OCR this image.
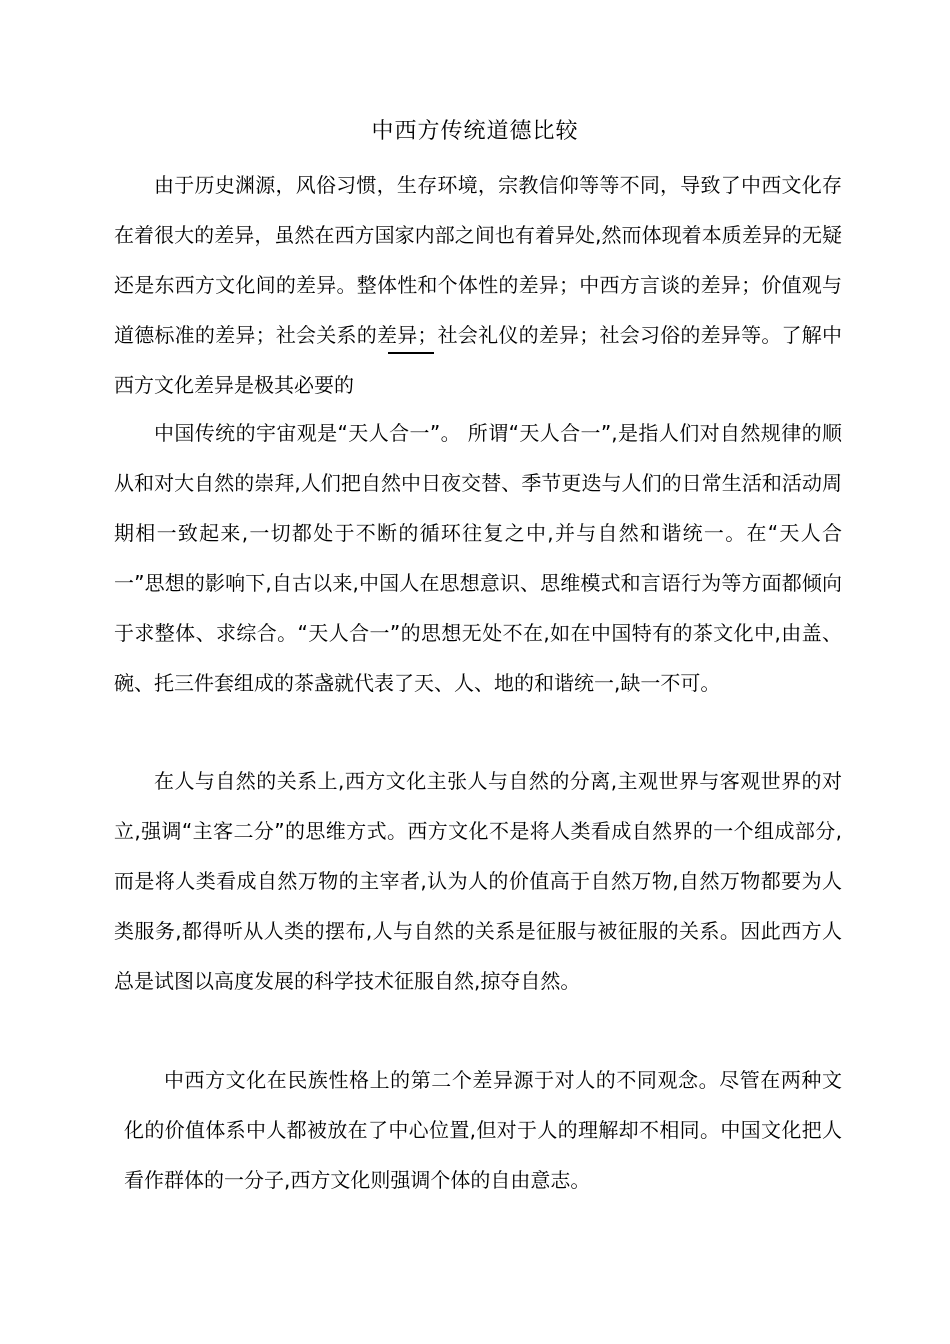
中西方传统道德比较

由于历史渊源，风俗习惯，生存环境，宗教信仰等等不同，导致了中西文化存在着很大的差异，虽然在西方国家内部之间也有着异处,然而体现着本质差异的无疑还是东西方文化间的差异。整体性和个体性的差异；中西方言谈的差异；价值观与道德标准的差异；社会关系的差异；社会礼仪的差异；社会习俗的差异等。了解中西方文化差异是极其必要的

中国传统的宇宙观是“天人合一”。 所谓“天人合一”,是指人们对自然规律的顺从和对大自然的崇拜,人们把自然中日夜交替、季节更迭与人们的日常生活和活动周期相一致起来,一切都处于不断的循环往复之中,并与自然和谐统一。在“天人合一”思想的影响下,自古以来,中国人在思想意识、思维模式和言语行为等方面都倾向于求整体、求综合。“天人合一”的思想无处不在,如在中国特有的茶文化中,由盖、碗、托三件套组成的茶盏就代表了天、人、地的和谐统一,缺一不可。

在人与自然的关系上,西方文化主张人与自然的分离,主观世界与客观世界的对立,强调“主客二分”的思维方式。西方文化不是将人类看成自然界的一个组成部分,而是将人类看成自然万物的主宰者,认为人的价值高于自然万物,自然万物都要为人类服务,都得听从人类的摆布,人与自然的关系是征服与被征服的关系。因此西方人总是试图以高度发展的科学技术征服自然,掠夺自然。

中西方文化在民族性格上的第二个差异源于对人的不同观念。尽管在两种文化的价值体系中人都被放在了中心位置,但对于人的理解却不相同。中国文化把人看作群体的一分子,西方文化则强调个体的自由意志。
